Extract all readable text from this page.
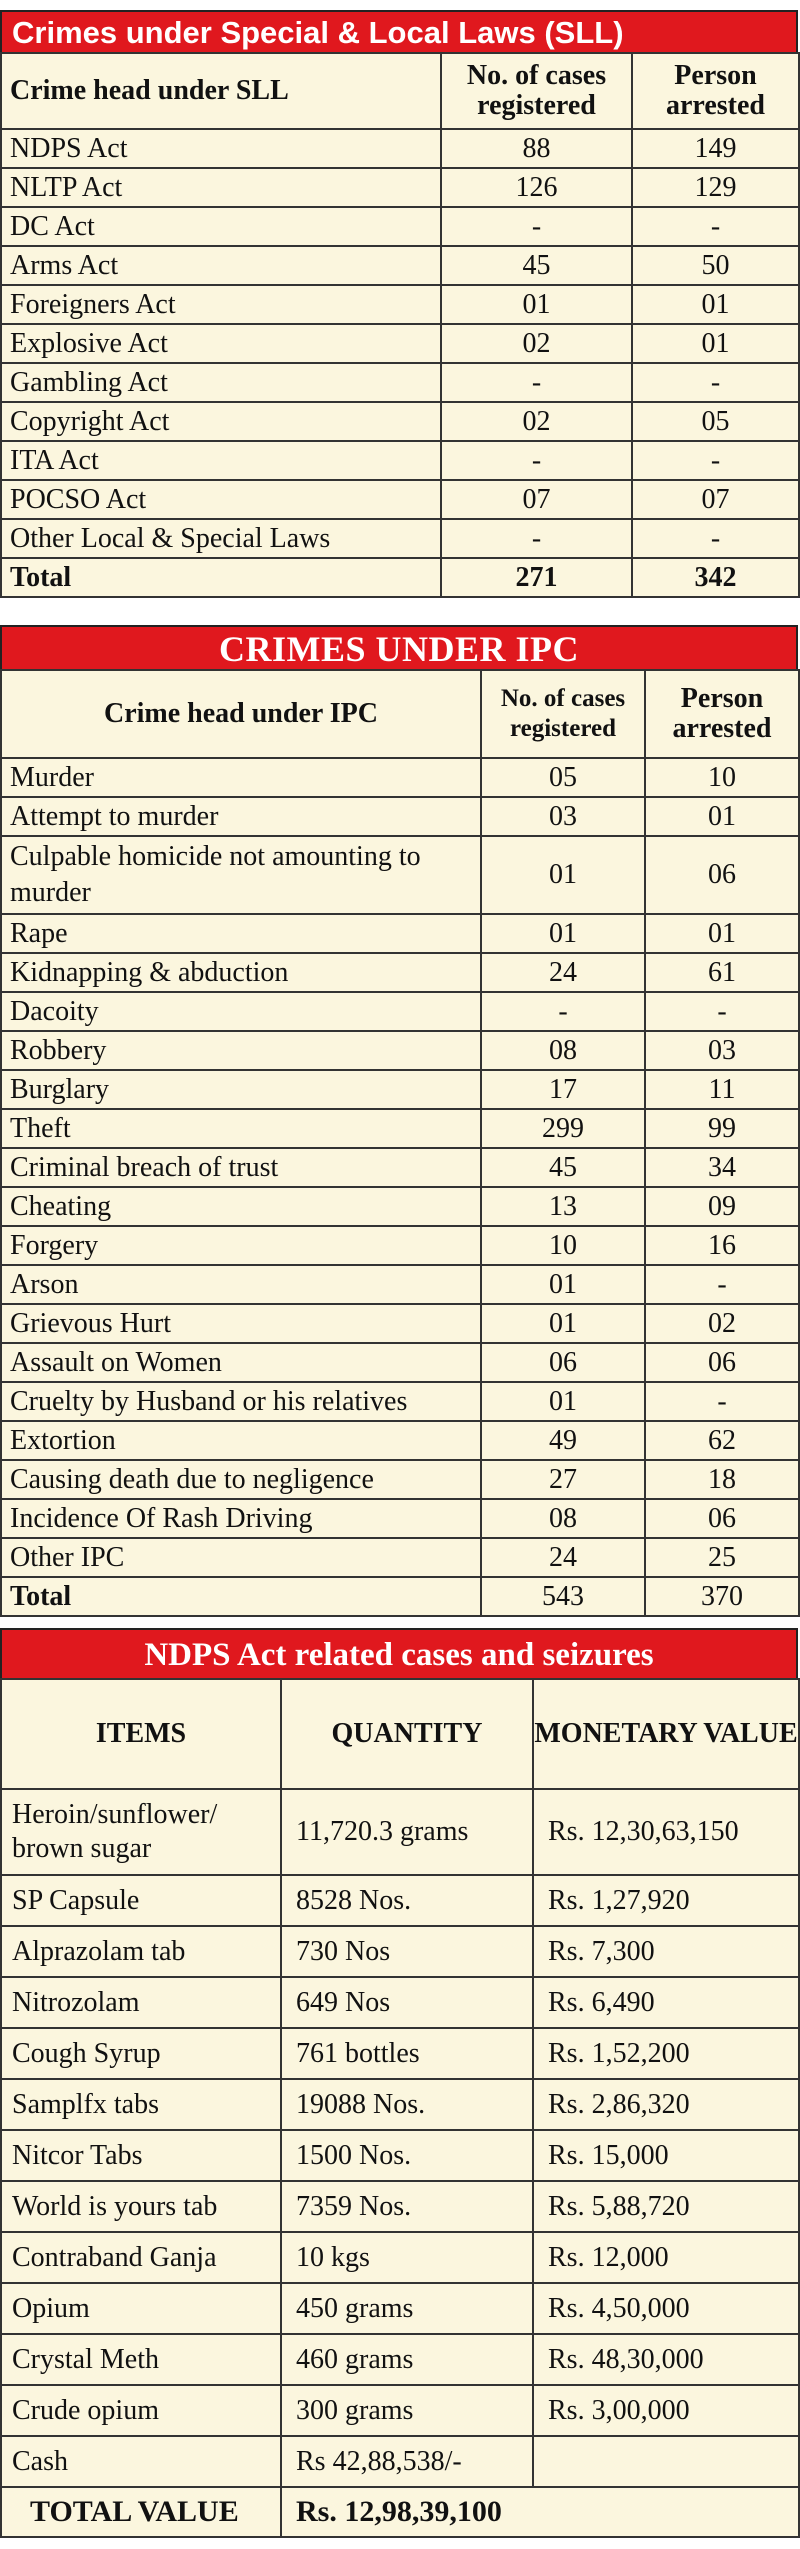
Crimes under Special & Local Laws (SLL)
Crime head under SLL	No. of cases registered	Person arrested
NDPS Act	88	149
NLTP Act	126	129
DC Act	-	-
Arms Act	45	50
Foreigners Act	01	01
Explosive Act	02	01
Gambling Act	-	-
Copyright Act	02	05
ITA Act	-	-
POCSO Act	07	07
Other Local & Special Laws	-	-
Total	271	342
CRIMES UNDER IPC
Crime head under IPC	No. of cases registered	Person arrested
Murder	05	10
Attempt to murder	03	01
Culpable homicide not amounting to murder	01	06
Rape	01	01
Kidnapping & abduction	24	61
Dacoity	-	-
Robbery	08	03
Burglary	17	11
Theft	299	99
Criminal breach of trust	45	34
Cheating	13	09
Forgery	10	16
Arson	01	-
Grievous Hurt	01	02
Assault on Women	06	06
Cruelty by Husband or his relatives	01	-
Extortion	49	62
Causing death due to negligence	27	18
Incidence Of Rash Driving	08	06
Other IPC	24	25
Total	543	370
NDPS Act related cases and seizures
ITEMS	QUANTITY	MONETARY VALUE
Heroin/sunflower/ brown sugar	11,720.3 grams	Rs. 12,30,63,150
SP Capsule	8528 Nos.	Rs. 1,27,920
Alprazolam tab	730 Nos	Rs. 7,300
Nitrozolam	649 Nos	Rs. 6,490
Cough Syrup	761 bottles	Rs. 1,52,200
Samplfx tabs	19088 Nos.	Rs. 2,86,320
Nitcor Tabs	1500 Nos.	Rs. 15,000
World is yours tab	7359 Nos.	Rs. 5,88,720
Contraband Ganja	10 kgs	Rs. 12,000
Opium	450 grams	Rs. 4,50,000
Crystal Meth	460 grams	Rs. 48,30,000
Crude opium	300 grams	Rs. 3,00,000
Cash	Rs 42,88,538/-	
TOTAL VALUE	Rs. 12,98,39,100	
